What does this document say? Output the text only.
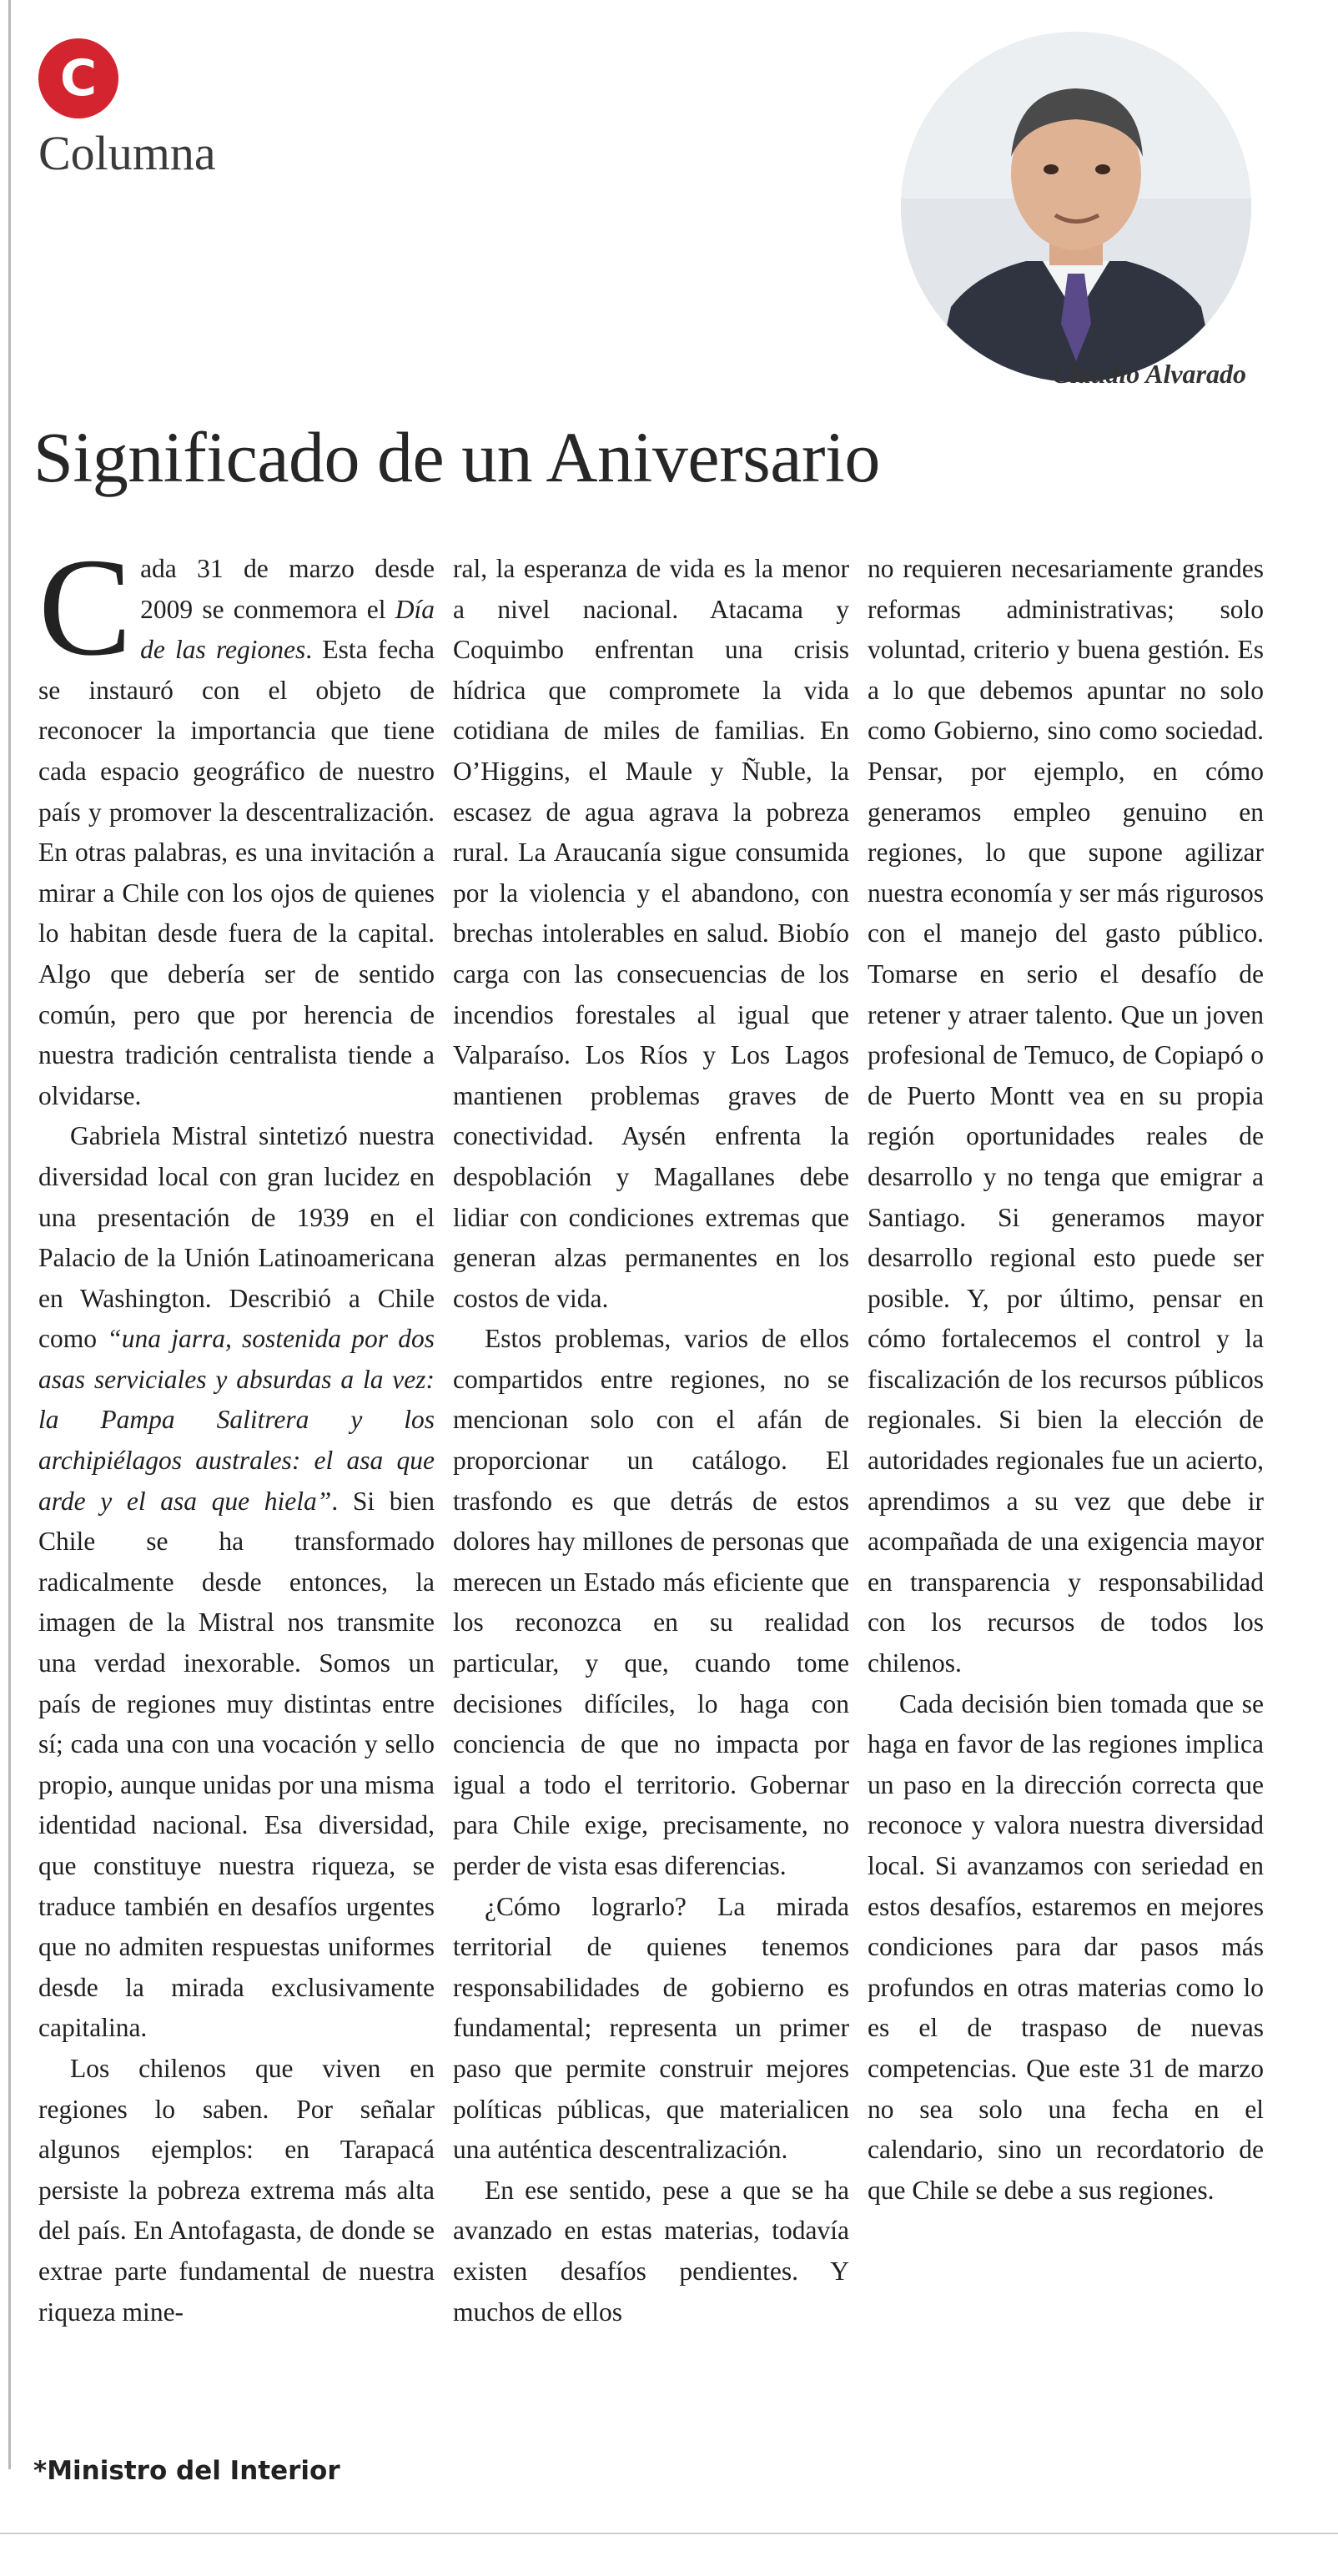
C
Columna
Claudio Alvarado
Significado de un Aniversario

Cada 31 de marzo desde 2009 se conmemora el Día de las regiones. Esta fecha se instauró con el objeto de reconocer la importancia que tiene cada espacio geográfico de nuestro país y promover la descentralización. En otras palabras, es una invitación a mirar a Chile con los ojos de quienes lo habitan desde fuera de la capital. Algo que debería ser de sentido común, pero que por herencia de nuestra tradición centralista tiende a olvidarse.

Gabriela Mistral sintetizó nuestra diversidad local con gran lucidez en una presentación de 1939 en el Palacio de la Unión Latinoamericana en Washington. Describió a Chile como “una jarra, sostenida por dos asas serviciales y absurdas a la vez: la Pampa Salitrera y los archipiélagos australes: el asa que arde y el asa que hiela”. Si bien Chile se ha transformado radicalmente desde entonces, la imagen de la Mistral nos transmite una verdad inexorable. Somos un país de regiones muy distintas entre sí; cada una con una vocación y sello propio, aunque unidas por una misma identidad nacional. Esa diversidad, que constituye nuestra riqueza, se traduce también en desafíos urgentes que no admiten respuestas uniformes desde la mirada exclusivamente capitalina.

Los chilenos que viven en regiones lo saben. Por señalar algunos ejemplos: en Tarapacá persiste la pobreza extrema más alta del país. En Antofagasta, de donde se extrae parte fundamental de nuestra riqueza mine-

ral, la esperanza de vida es la menor a nivel nacional. Atacama y Coquimbo enfrentan una crisis hídrica que compromete la vida cotidiana de miles de familias. En O’Higgins, el Maule y Ñuble, la escasez de agua agrava la pobreza rural. La Araucanía sigue consumida por la violencia y el abandono, con brechas intolerables en salud. Biobío carga con las consecuencias de los incendios forestales al igual que Valparaíso. Los Ríos y Los Lagos mantienen problemas graves de conectividad. Aysén enfrenta la despoblación y Magallanes debe lidiar con condiciones extremas que generan alzas permanentes en los costos de vida.

Estos problemas, varios de ellos compartidos entre regiones, no se mencionan solo con el afán de proporcionar un catálogo. El trasfondo es que detrás de estos dolores hay millones de personas que merecen un Estado más eficiente que los reconozca en su realidad particular, y que, cuando tome decisiones difíciles, lo haga con conciencia de que no impacta por igual a todo el territorio. Gobernar para Chile exige, precisamente, no perder de vista esas diferencias.

¿Cómo lograrlo? La mirada territorial de quienes tenemos responsabilidades de gobierno es fundamental; representa un primer paso que permite construir mejores políticas públicas, que materialicen una auténtica descentralización.

En ese sentido, pese a que se ha avanzado en estas materias, todavía existen desafíos pendientes. Y muchos de ellos

no requieren necesariamente grandes reformas administrativas; solo voluntad, criterio y buena gestión. Es a lo que debemos apuntar no solo como Gobierno, sino como sociedad. Pensar, por ejemplo, en cómo generamos empleo genuino en regiones, lo que supone agilizar nuestra economía y ser más rigurosos con el manejo del gasto público. Tomarse en serio el desafío de retener y atraer talento. Que un joven profesional de Temuco, de Copiapó o de Puerto Montt vea en su propia región oportunidades reales de desarrollo y no tenga que emigrar a Santiago. Si generamos mayor desarrollo regional esto puede ser posible. Y, por último, pensar en cómo fortalecemos el control y la fiscalización de los recursos públicos regionales. Si bien la elección de autoridades regionales fue un acierto, aprendimos a su vez que debe ir acompañada de una exigencia mayor en transparencia y responsabilidad con los recursos de todos los chilenos.

Cada decisión bien tomada que se haga en favor de las regiones implica un paso en la dirección correcta que reconoce y valora nuestra diversidad local. Si avanzamos con seriedad en estos desafíos, estaremos en mejores condiciones para dar pasos más profundos en otras materias como lo es el de traspaso de nuevas competencias. Que este 31 de marzo no sea solo una fecha en el calendario, sino un recordatorio de que Chile se debe a sus regiones.

*Ministro del Interior
